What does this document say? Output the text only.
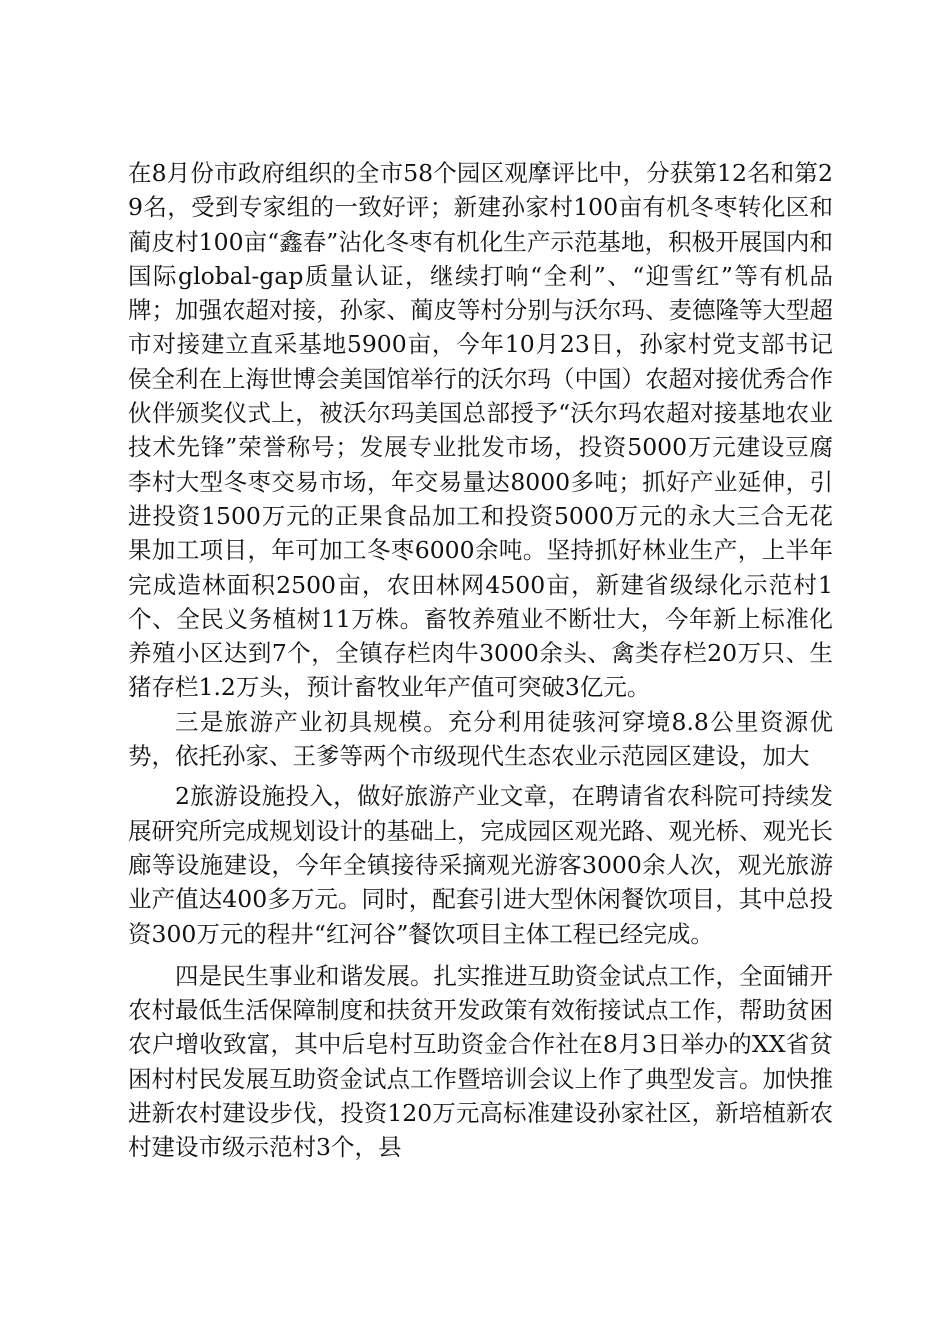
在8月份市政府组织的全市58个园区观摩评比中，分获第12名和第29名，受到专家组的一致好评；新建孙家村100亩有机冬枣转化区和蔺皮村100亩“鑫春”沾化冬枣有机化生产示范基地，积极开展国内和国际global-gap质量认证，继续打响“全利”、“迎雪红”等有机品牌；加强农超对接，孙家、蔺皮等村分别与沃尔玛、麦德隆等大型超市对接建立直采基地5900亩，今年10月23日，孙家村党支部书记侯全利在上海世博会美国馆举行的沃尔玛（中国）农超对接优秀合作伙伴颁奖仪式上，被沃尔玛美国总部授予“沃尔玛农超对接基地农业技术先锋”荣誉称号；发展专业批发市场，投资5000万元建设豆腐李村大型冬枣交易市场，年交易量达8000多吨；抓好产业延伸，引进投资1500万元的正果食品加工和投资5000万元的永大三合无花果加工项目，年可加工冬枣6000余吨。坚持抓好林业生产，上半年完成造林面积2500亩，农田林网4500亩，新建省级绿化示范村1个、全民义务植树11万株。畜牧养殖业不断壮大，今年新上标准化养殖小区达到7个，全镇存栏肉牛3000余头、禽类存栏20万只、生猪存栏1.2万头，预计畜牧业年产值可突破3亿元。

三是旅游产业初具规模。充分利用徒骇河穿境8.8公里资源优势，依托孙家、王爹等两个市级现代生态农业示范园区建设，加大

2旅游设施投入，做好旅游产业文章，在聘请省农科院可持续发展研究所完成规划设计的基础上，完成园区观光路、观光桥、观光长廊等设施建设，今年全镇接待采摘观光游客3000余人次，观光旅游业产值达400多万元。同时，配套引进大型休闲餐饮项目，其中总投资300万元的程井“红河谷”餐饮项目主体工程已经完成。

四是民生事业和谐发展。扎实推进互助资金试点工作，全面铺开农村最低生活保障制度和扶贫开发政策有效衔接试点工作，帮助贫困农户增收致富，其中后皂村互助资金合作社在8月3日举办的XX省贫困村村民发展互助资金试点工作暨培训会议上作了典型发言。加快推进新农村建设步伐，投资120万元高标准建设孙家社区，新培植新农村建设市级示范村3个，县
